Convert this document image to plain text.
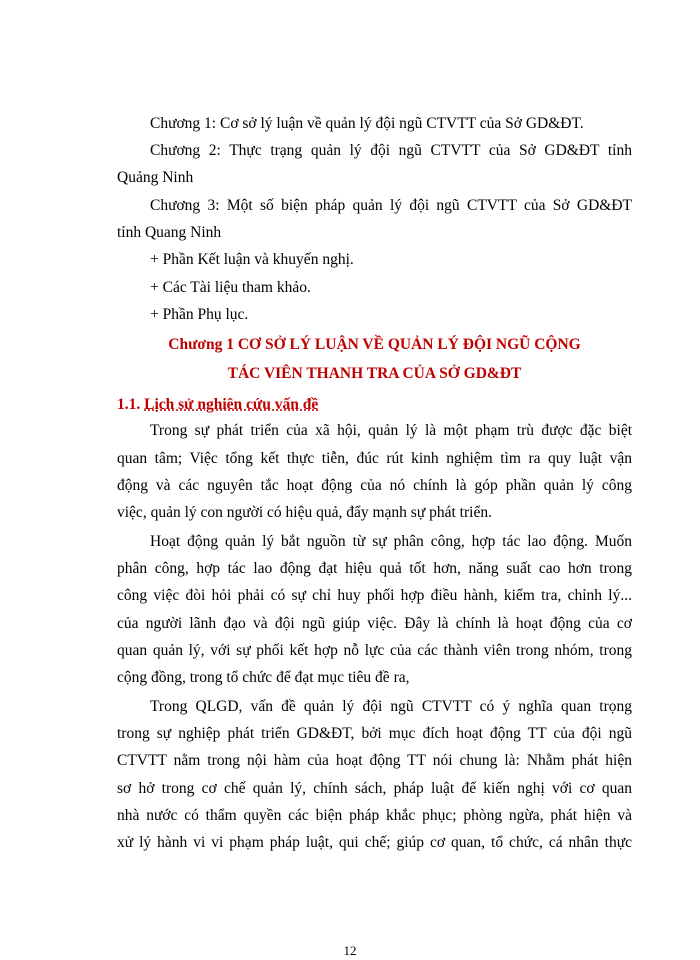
Chương 1: Cơ sở lý luận về quản lý đội ngũ CTVTT của Sở GD&ĐT.
Chương 2: Thực trạng quản lý đội ngũ CTVTT của Sở GD&ĐT tỉnh
Quảng Ninh
Chương 3: Một số biện pháp quản lý đội ngũ CTVTT của Sở GD&ĐT
tỉnh Quang Ninh
+ Phần Kết luận và khuyến nghị.
+ Các Tài liệu tham khảo.
+ Phần Phụ lục.
Chương 1 CƠ SỞ LÝ LUẬN VỀ QUẢN LÝ ĐỘI NGŨ CỘNG
TÁC VIÊN THANH TRA CỦA SỞ GD&ĐT
1.1. Lịch sử nghiên cứu vấn đề
Trong sự phát triển của xã hội, quản lý là một phạm trù được đặc biệt
quan tâm; Việc tổng kết thực tiễn, đúc rút kinh nghiệm tìm ra quy luật vận
động và các nguyên tắc hoạt động của nó chính là góp phần quản lý công
việc, quản lý con người có hiệu quả, đẩy mạnh sự phát triển.
Hoạt động quản lý bắt nguồn từ sự phân công, hợp tác lao động. Muốn
phân công, hợp tác lao động đạt hiệu quả tốt hơn, năng suất cao hơn trong
công việc đòi hỏi phải có sự chỉ huy phối hợp điều hành, kiểm tra, chỉnh lý...
của người lãnh đạo và đội ngũ giúp việc. Đây là chính là hoạt động của cơ
quan quản lý, với sự phối kết hợp nỗ lực của các thành viên trong nhóm, trong
cộng đồng, trong tổ chức để đạt mục tiêu đề ra,
Trong QLGD, vấn đề quản lý đội ngũ CTVTT có ý nghĩa quan trọng
trong sự nghiệp phát triển GD&ĐT, bởi mục đích hoạt động TT của đội ngũ
CTVTT nằm trong nội hàm của hoạt động TT nói chung là: Nhằm phát hiện
sơ hở trong cơ chế quản lý, chính sách, pháp luật để kiến nghị với cơ quan
nhà nước có thẩm quyền các biện pháp khắc phục; phòng ngừa, phát hiện và
xử lý hành vi vi phạm pháp luật, qui chế; giúp cơ quan, tổ chức, cá nhân thực
12
